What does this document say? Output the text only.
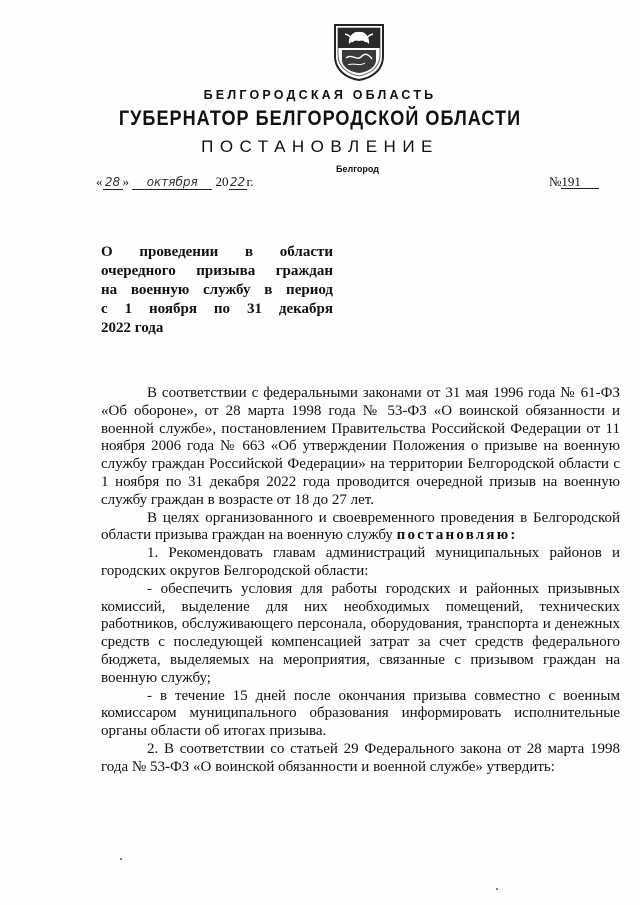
БЕЛГОРОДСКАЯ ОБЛАСТЬ
ГУБЕРНАТОР БЕЛГОРОДСКОЙ ОБЛАСТИ
ПОСТАНОВЛЕНИЕ
Белгород
« 28 » октября 2022г.	№191

О проведении в области

очередного призыва граждан

на военную службу в период

с 1 ноября по 31 декабря

2022 года

В соответствии с федеральными законами от 31 мая 1996 года № 61-ФЗ «Об обороне», от 28 марта 1998 года № 53-ФЗ «О воинской обязанности и военной службе», постановлением Правительства Российской Федерации от 11 ноября 2006 года № 663 «Об утверждении Положения о призыве на военную службу граждан Российской Федерации» на территории Белгородской области с 1 ноября по 31 декабря 2022 года проводится очередной призыв на военную службу граждан в возрасте от 18 до 27 лет.

В целях организованного и своевременного проведения в Белгородской области призыва граждан на военную службу постановляю:

1. Рекомендовать главам администраций муниципальных районов и городских округов Белгородской области:

- обеспечить условия для работы городских и районных призывных комиссий, выделение для них необходимых помещений, технических работников, обслуживающего персонала, оборудования, транспорта и денежных средств с последующей компенсацией затрат за счет средств федерального бюджета, выделяемых на мероприятия, связанные с призывом граждан на военную службу;

- в течение 15 дней после окончания призыва совместно с военным комиссаром муниципального образования информировать исполнительные органы области об итогах призыва.

2. В соответствии со статьей 29 Федерального закона от 28 марта 1998 года № 53-ФЗ «О воинской обязанности и военной службе» утвердить:
